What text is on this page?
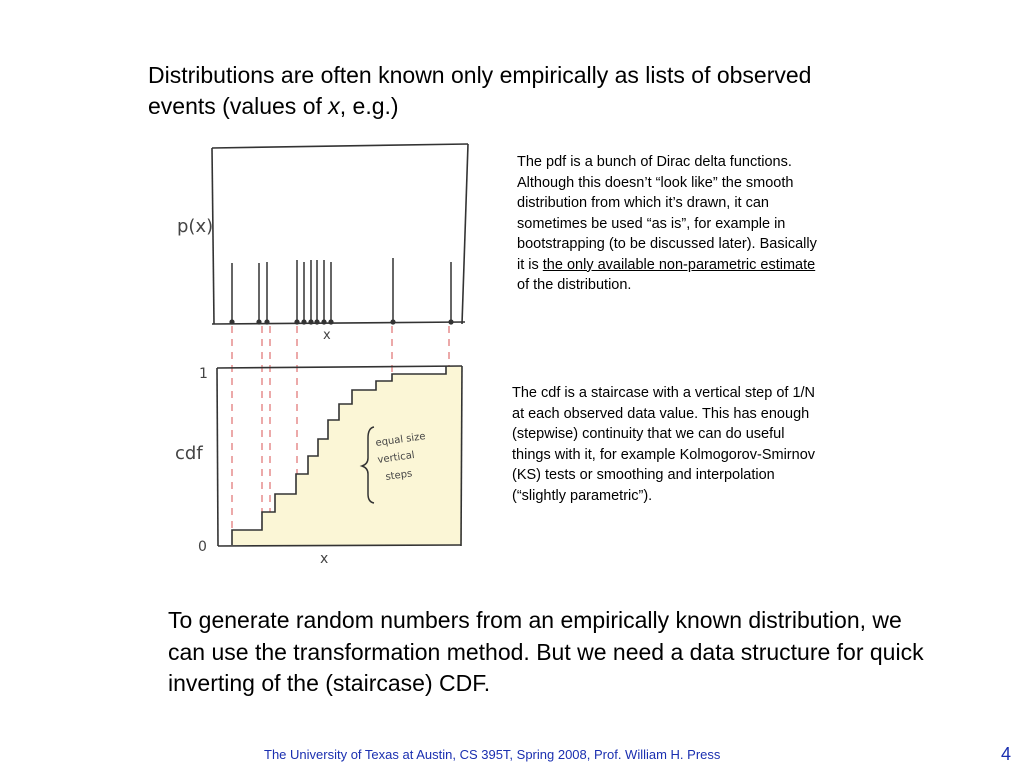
Distributions are often known only empirically as lists of observed events (values of x, e.g.)
p(x)
x
1
cdf
0
x
equal size
vertical
steps
The pdf is a bunch of Dirac delta functions. Although this doesn’t “look like” the smooth distribution from which it’s drawn, it can sometimes be used “as is”, for example in bootstrapping (to be discussed later). Basically it is the only available non-parametric estimate of the distribution.
The cdf is a staircase with a vertical step of 1/N at each observed data value. This has enough (stepwise) continuity that we can do useful things with it, for example Kolmogorov-Smirnov (KS) tests or smoothing and interpolation (“slightly parametric”).
To generate random numbers from an empirically known distribution, we can use the transformation method. But we need a data structure for quick inverting of the (staircase) CDF.
The University of Texas at Austin, CS 395T, Spring 2008, Prof. William H. Press	4
